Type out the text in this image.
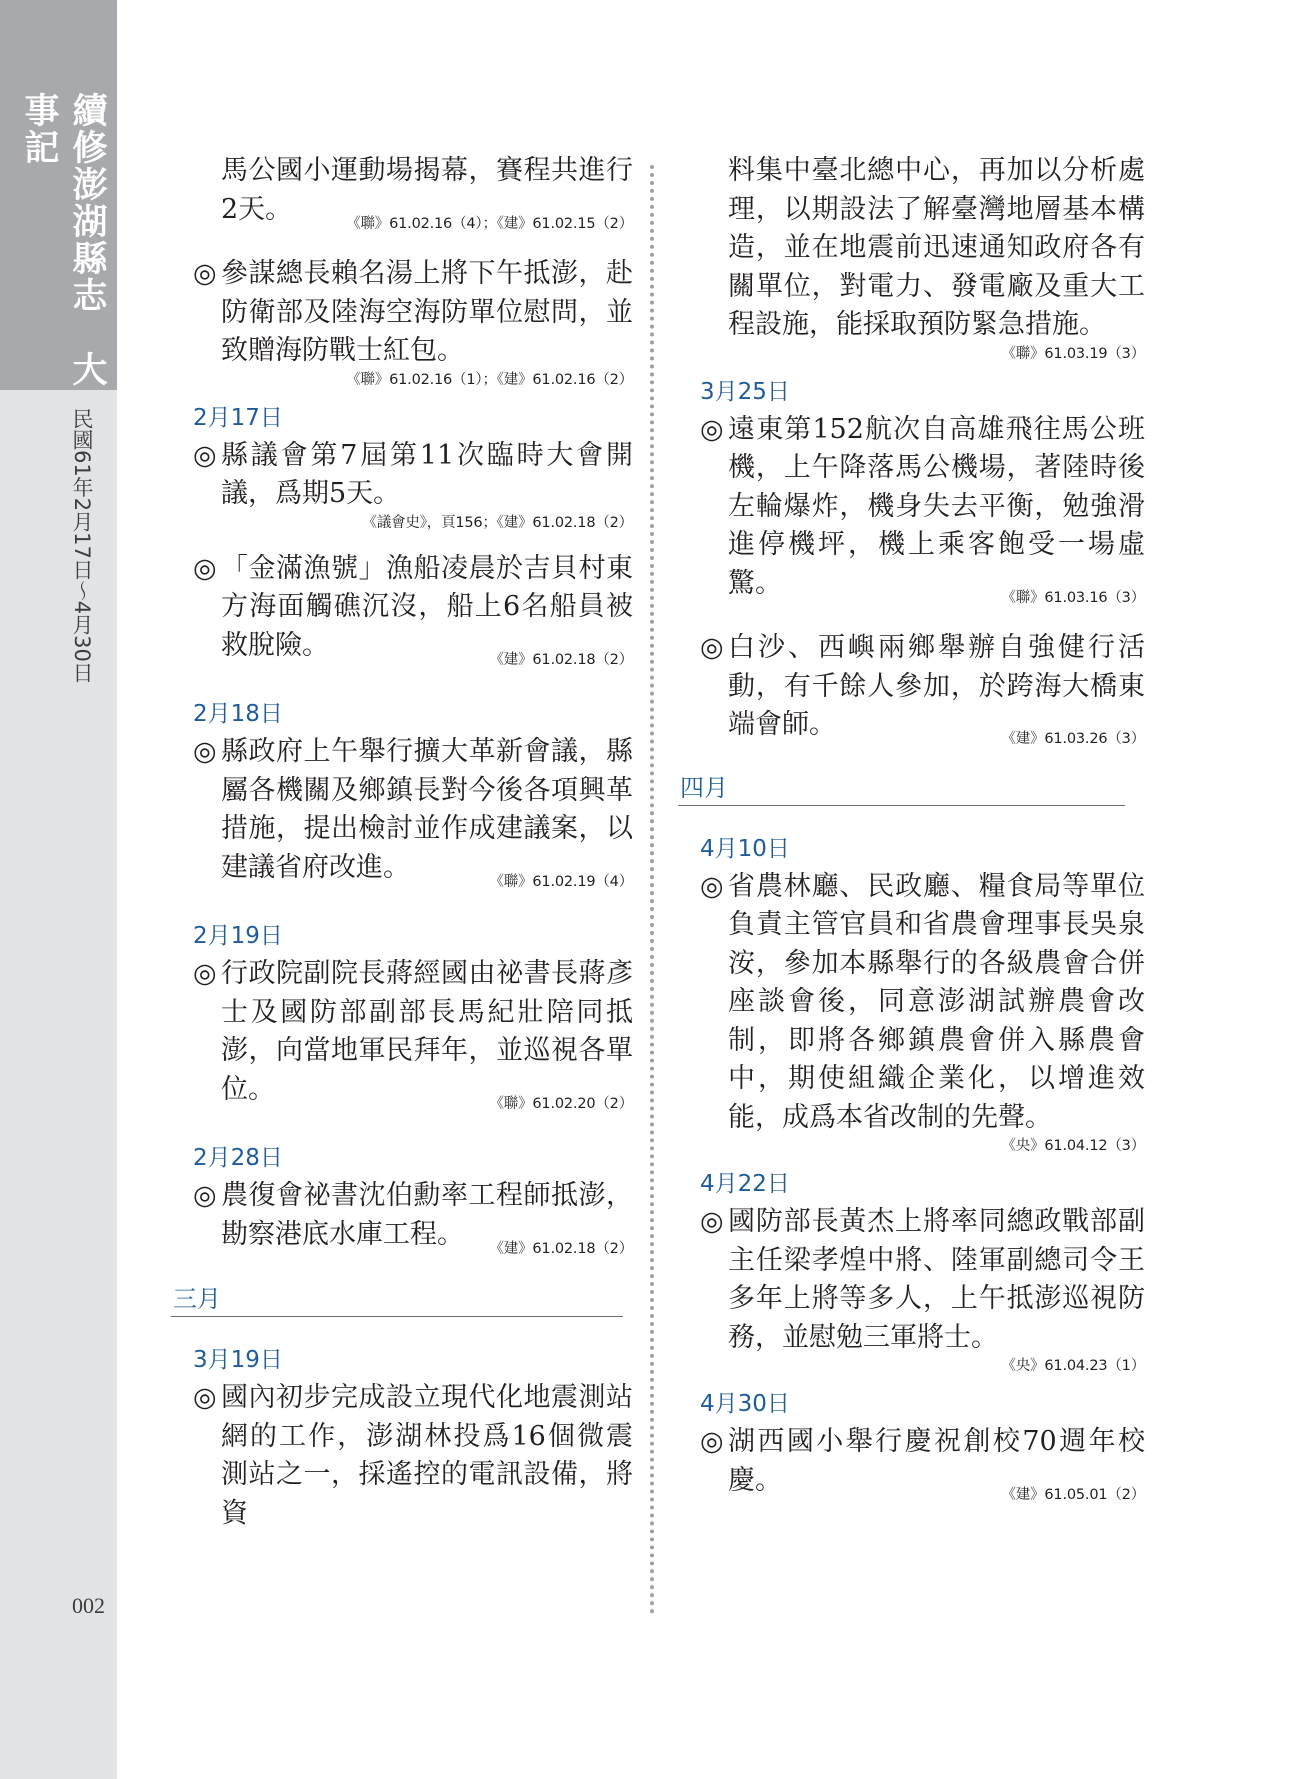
續修澎湖縣志　大事記
民國61年2月17日〜4月30日
002
馬公國小運動場揭幕，賽程共進行2天。	《聯》61.02.16（4）；《建》61.02.15（2）
◎ 參謀總長賴名湯上將下午抵澎，赴防衛部及陸海空海防單位慰問，並致贈海防戰士紅包。
《聯》61.02.16（1）；《建》61.02.16（2）
2月17日
◎ 縣議會第7屆第11次臨時大會開議，爲期5天。
《議會史》，頁156；《建》61.02.18（2）
◎ 「金滿漁號」漁船凌晨於吉貝村東方海面觸礁沉沒，船上6名船員被救脫險。	《建》61.02.18（2）
2月18日
◎ 縣政府上午舉行擴大革新會議，縣屬各機關及鄉鎮長對今後各項興革措施，提出檢討並作成建議案，以建議省府改進。	《聯》61.02.19（4）
2月19日
◎ 行政院副院長蔣經國由祕書長蔣彥士及國防部副部長馬紀壯陪同抵澎，向當地軍民拜年，並巡視各單位。	《聯》61.02.20（2）
2月28日
◎ 農復會祕書沈伯勳率工程師抵澎，勘察港底水庫工程。	《建》61.02.18（2）
三月
3月19日
◎ 國內初步完成設立現代化地震測站網的工作，澎湖林投爲16個微震測站之一，採遙控的電訊設備，將資
料集中臺北總中心，再加以分析處理，以期設法了解臺灣地層基本構造，並在地震前迅速通知政府各有關單位，對電力、發電廠及重大工程設施，能採取預防緊急措施。
《聯》61.03.19（3）
3月25日
◎ 遠東第152航次自高雄飛往馬公班機，上午降落馬公機場，著陸時後左輪爆炸，機身失去平衡，勉強滑進停機坪，機上乘客飽受一場虛驚。	《聯》61.03.16（3）
◎ 白沙、西嶼兩鄉舉辦自強健行活動，有千餘人參加，於跨海大橋東端會師。	《建》61.03.26（3）
四月
4月10日
◎ 省農林廳、民政廳、糧食局等單位負責主管官員和省農會理事長吳泉洝，參加本縣舉行的各級農會合併座談會後，同意澎湖試辦農會改制，即將各鄉鎮農會併入縣農會中，期使組織企業化，以增進效能，成爲本省改制的先聲。
《央》61.04.12（3）
4月22日
◎ 國防部長黃杰上將率同總政戰部副主任梁孝煌中將、陸軍副總司令王多年上將等多人，上午抵澎巡視防務，並慰勉三軍將士。
《央》61.04.23（1）
4月30日
◎ 湖西國小舉行慶祝創校70週年校慶。	《建》61.05.01（2）
